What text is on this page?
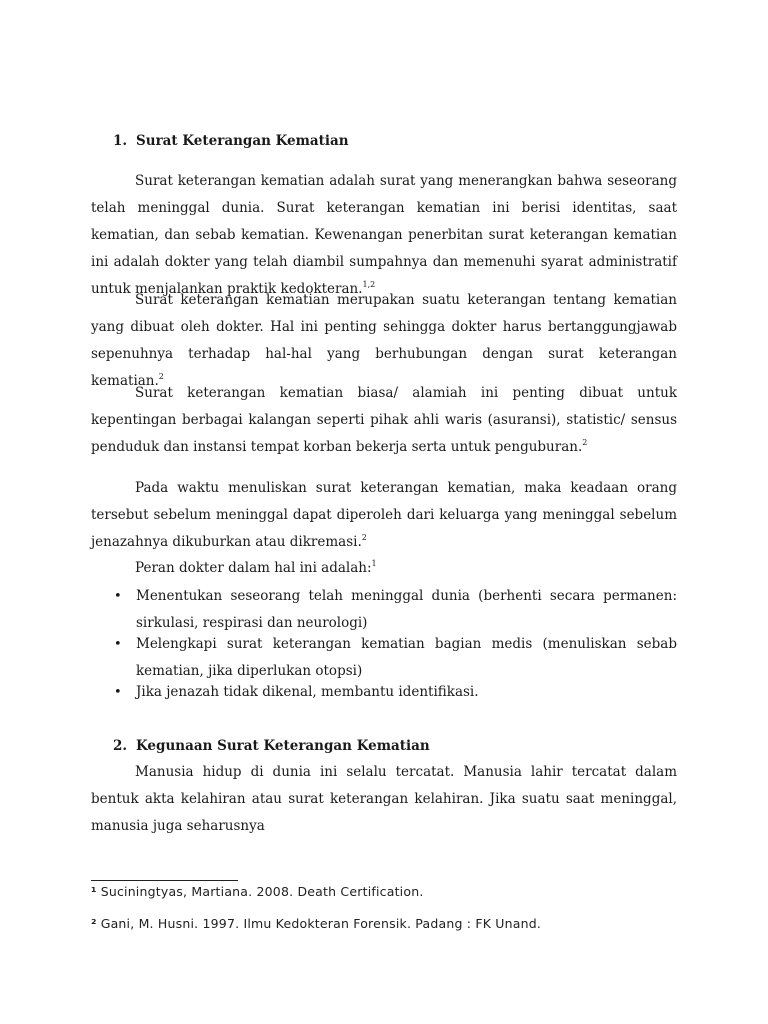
1. Surat Keterangan Kematian

Surat keterangan kematian adalah surat yang menerangkan bahwa seseorang telah meninggal dunia. Surat keterangan kematian ini berisi identitas, saat kematian, dan sebab kematian. Kewenangan penerbitan surat keterangan kematian ini adalah dokter yang telah diambil sumpahnya dan memenuhi syarat administratif untuk menjalankan praktik kedokteran.$^{1,2}$

Surat keterangan kematian merupakan suatu keterangan tentang kematian yang dibuat oleh dokter. Hal ini penting sehingga dokter harus bertanggungjawab sepenuhnya terhadap hal-hal yang berhubungan dengan surat keterangan kematian.$^2$

Surat keterangan kematian biasa/ alamiah ini penting dibuat untuk kepentingan berbagai kalangan seperti pihak ahli waris (asuransi), statistic/ sensus penduduk dan instansi tempat korban bekerja serta untuk penguburan.$^2$

Pada waktu menuliskan surat keterangan kematian, maka keadaan orang tersebut sebelum meninggal dapat diperoleh dari keluarga yang meninggal sebelum jenazahnya dikuburkan atau dikremasi.$^2$

Peran dokter dalam hal ini adalah:$^1$

• Menentukan seseorang telah meninggal dunia (berhenti secara permanen: sirkulasi, respirasi dan neurologi)
• Melengkapi surat keterangan kematian bagian medis (menuliskan sebab kematian, jika diperlukan otopsi)
• Jika jenazah tidak dikenal, membantu identifikasi.
2. Kegunaan Surat Keterangan Kematian

Manusia hidup di dunia ini selalu tercatat. Manusia lahir tercatat dalam bentuk akta kelahiran atau surat keterangan kelahiran. Jika suatu saat meninggal, manusia juga seharusnya

¹ Suciningtyas, Martiana. 2008. Death Certification.

² Gani, M. Husni. 1997. Ilmu Kedokteran Forensik. Padang : FK Unand.
